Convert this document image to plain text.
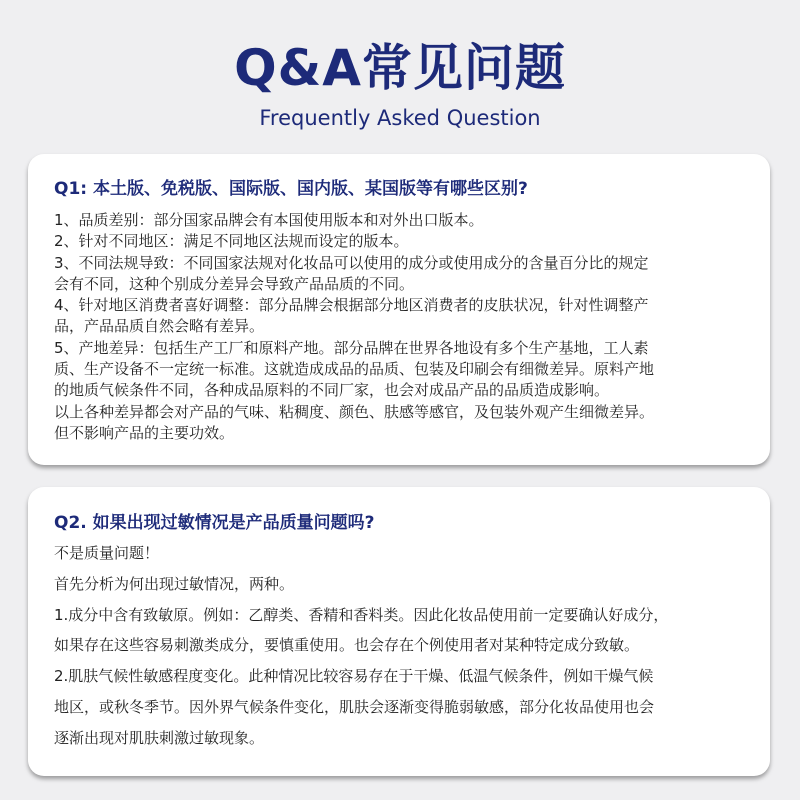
Q&A常见问题
Frequently Asked Question
Q1: 本土版、免税版、国际版、国内版、某国版等有哪些区别?
1、品质差别：部分国家品牌会有本国使用版本和对外出口版本。
2、针对不同地区：满足不同地区法规而设定的版本。
3、不同法规导致：不同国家法规对化妆品可以使用的成分或使用成分的含量百分比的规定
会有不同，这种个别成分差异会导致产品品质的不同。
4、针对地区消费者喜好调整：部分品牌会根据部分地区消费者的皮肤状况，针对性调整产
品，产品品质自然会略有差异。
5、产地差异：包括生产工厂和原料产地。部分品牌在世界各地设有多个生产基地，工人素
质、生产设备不一定统一标准。这就造成成品的品质、包装及印刷会有细微差异。原料产地
的地质气候条件不同，各种成品原料的不同厂家，也会对成品产品的品质造成影响。
以上各种差异都会对产品的气味、粘稠度、颜色、肤感等感官，及包装外观产生细微差异。
但不影响产品的主要功效。
Q2. 如果出现过敏情况是产品质量问题吗?
不是质量问题！
首先分析为何出现过敏情况，两种。
1.成分中含有致敏原。例如：乙醇类、香精和香料类。因此化妆品使用前一定要确认好成分，
如果存在这些容易刺激类成分，要慎重使用。也会存在个例使用者对某种特定成分致敏。
2.肌肤气候性敏感程度变化。此种情况比较容易存在于干燥、低温气候条件，例如干燥气候
地区，或秋冬季节。因外界气候条件变化，肌肤会逐渐变得脆弱敏感，部分化妆品使用也会
逐渐出现对肌肤刺激过敏现象。
